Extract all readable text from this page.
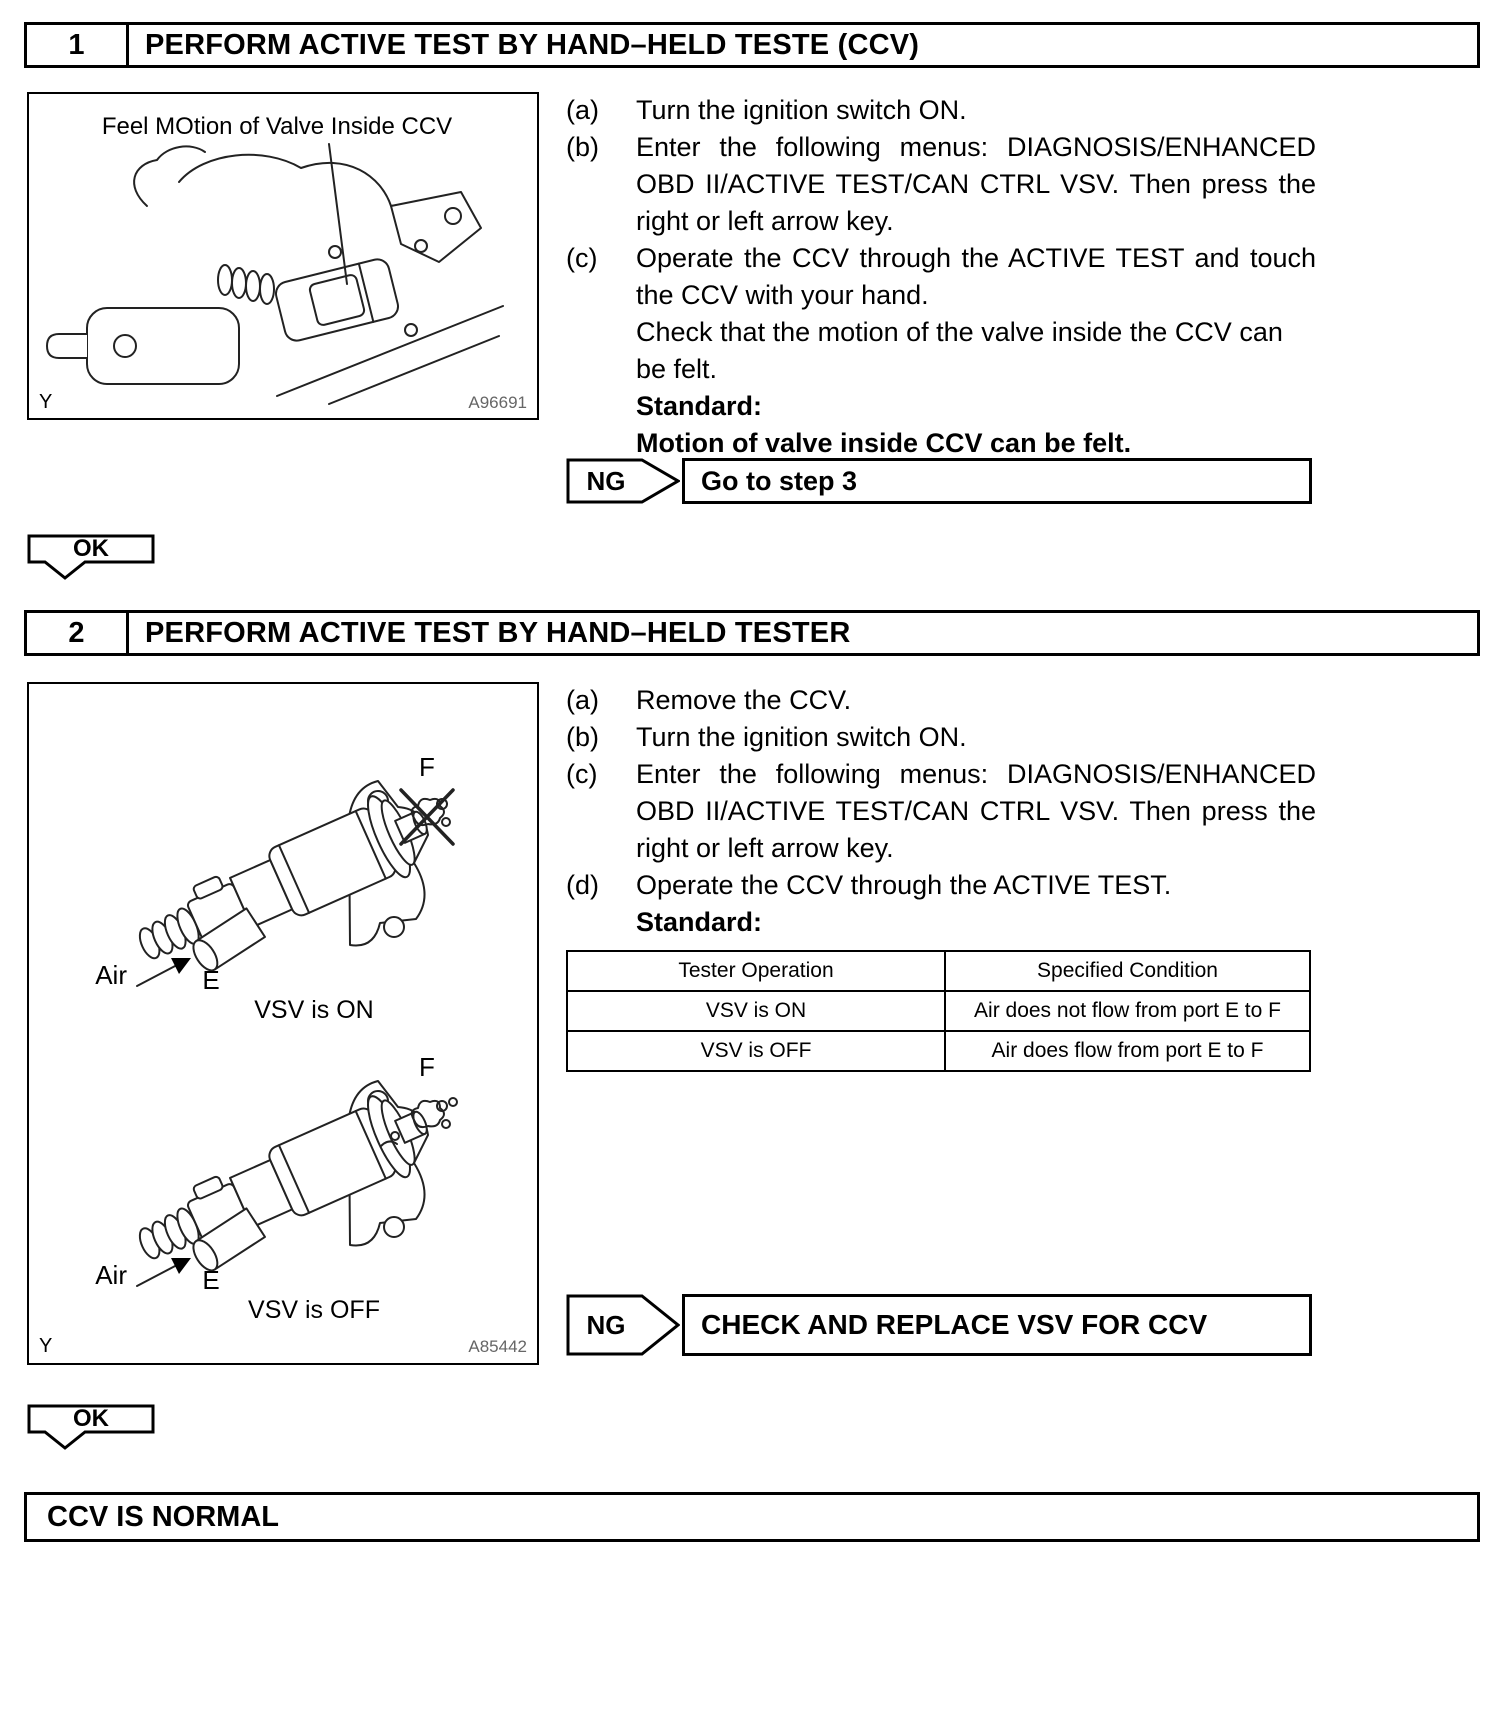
1	PERFORM ACTIVE TEST BY HAND–HELD TESTE (CCV)
Feel MOtion of Valve Inside CCV
Y	A96691
(a)	Turn the ignition switch ON.
(b)	Enter the following menus: DIAGNOSIS/ENHANCED OBD II/ACTIVE TEST/CAN CTRL VSV. Then press the right or left arrow key.
(c)	Operate the CCV through the ACTIVE TEST and touch the CCV with your hand.
Check that the motion of the valve inside the CCV can be felt.
Standard:
Motion of valve inside CCV can be felt.
NG	Go to step 3
OK
2	PERFORM ACTIVE TEST BY HAND–HELD TESTER
F
Air	E
VSV is ON
F
Air	E
VSV is OFF
Y	A85442
(a)	Remove the CCV.
(b)	Turn the ignition switch ON.
(c)	Enter the following menus: DIAGNOSIS/ENHANCED OBD II/ACTIVE TEST/CAN CTRL VSV. Then press the right or left arrow key.
(d)	Operate the CCV through the ACTIVE TEST.
Standard:
Tester Operation	Specified Condition
VSV is ON	Air does not flow from port E to F
VSV is OFF	Air does flow from port E to F
NG	CHECK AND REPLACE VSV FOR CCV
OK
CCV IS NORMAL
